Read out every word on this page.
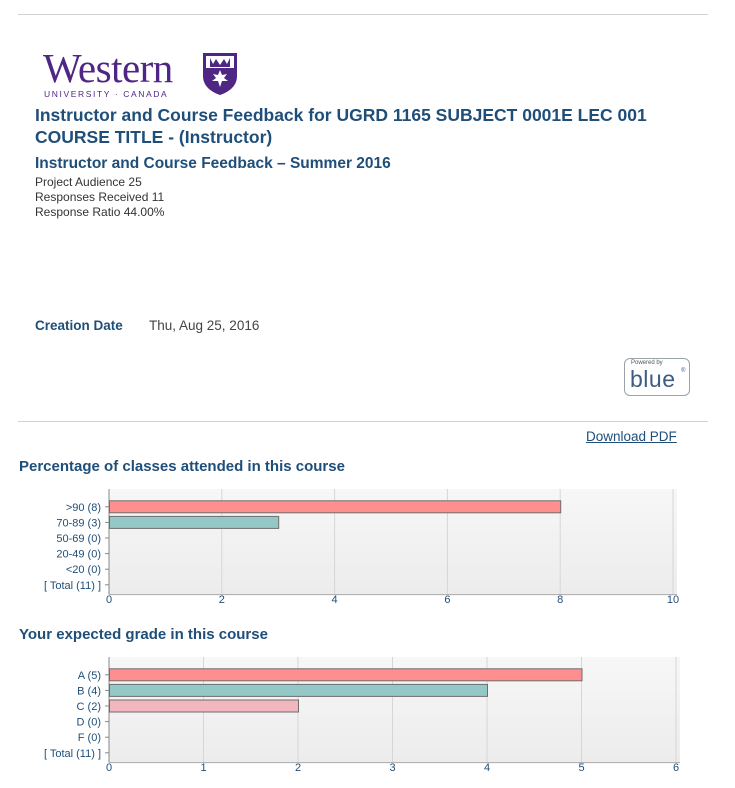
Western
UNIVERSITY · CANADA
Instructor and Course Feedback for UGRD 1165 SUBJECT 0001E LEC 001 COURSE TITLE - (Instructor)
Instructor and Course Feedback – Summer 2016
Project Audience 25
Responses Received 11
Response Ratio 44.00%
Creation Date Thu, Aug 25, 2016
Powered by
blue ®
Download PDF
Percentage of classes attended in this course
>90 (8)
70-89 (3)
50-69 (0)
20-49 (0)
<20 (0)
[ Total (11) ]
0	2	4	6	8	10
Your expected grade in this course
A (5)
B (4)
C (2)
D (0)
F (0)
[ Total (11) ]
0	1	2	3	4	5	6
